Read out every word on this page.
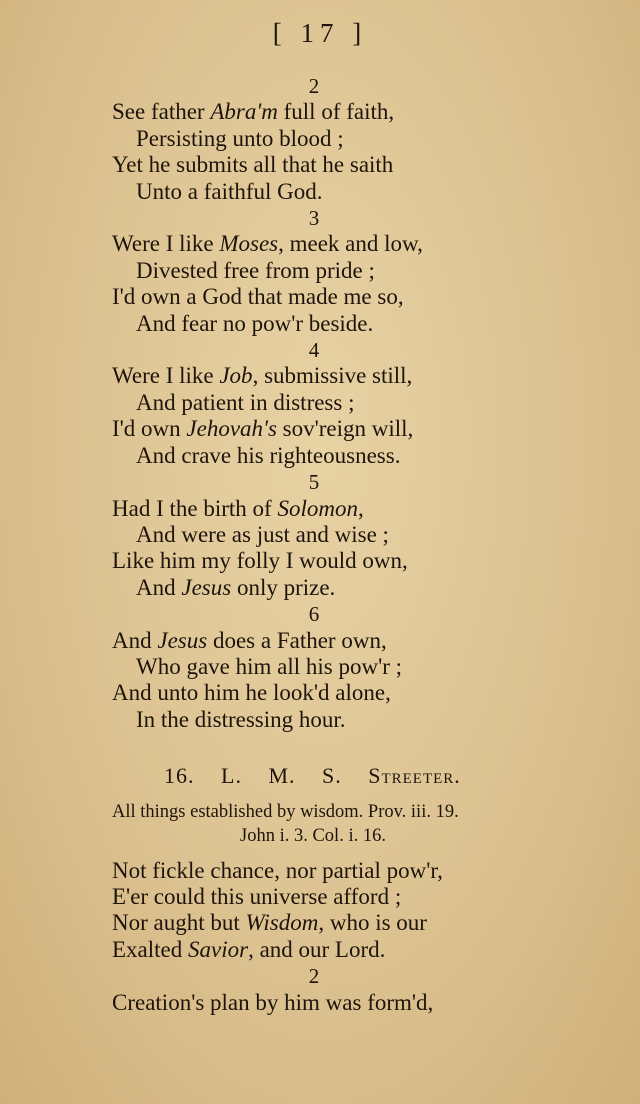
[ 17 ]
2
See father Abra'm full of faith,
Persisting unto blood ;
Yet he submits all that he saith
Unto a faithful God.
3
Were I like Moses, meek and low,
Divested free from pride ;
I'd own a God that made me so,
And fear no pow'r beside.
4
Were I like Job, submissive still,
And patient in distress ;
I'd own Jehovah's sov'reign will,
And crave his righteousness.
5
Had I the birth of Solomon,
And were as just and wise ;
Like him my folly I would own,
And Jesus only prize.
6
And Jesus does a Father own,
Who gave him all his pow'r ;
And unto him he look'd alone,
In the distressing hour.
16. L. M. S. Streeter.
All things established by wisdom. Prov. iii. 19.
John i. 3. Col. i. 16.
Not fickle chance, nor partial pow'r,
E'er could this universe afford ;
Nor aught but Wisdom, who is our
Exalted Savior, and our Lord.
2
Creation's plan by him was form'd,
